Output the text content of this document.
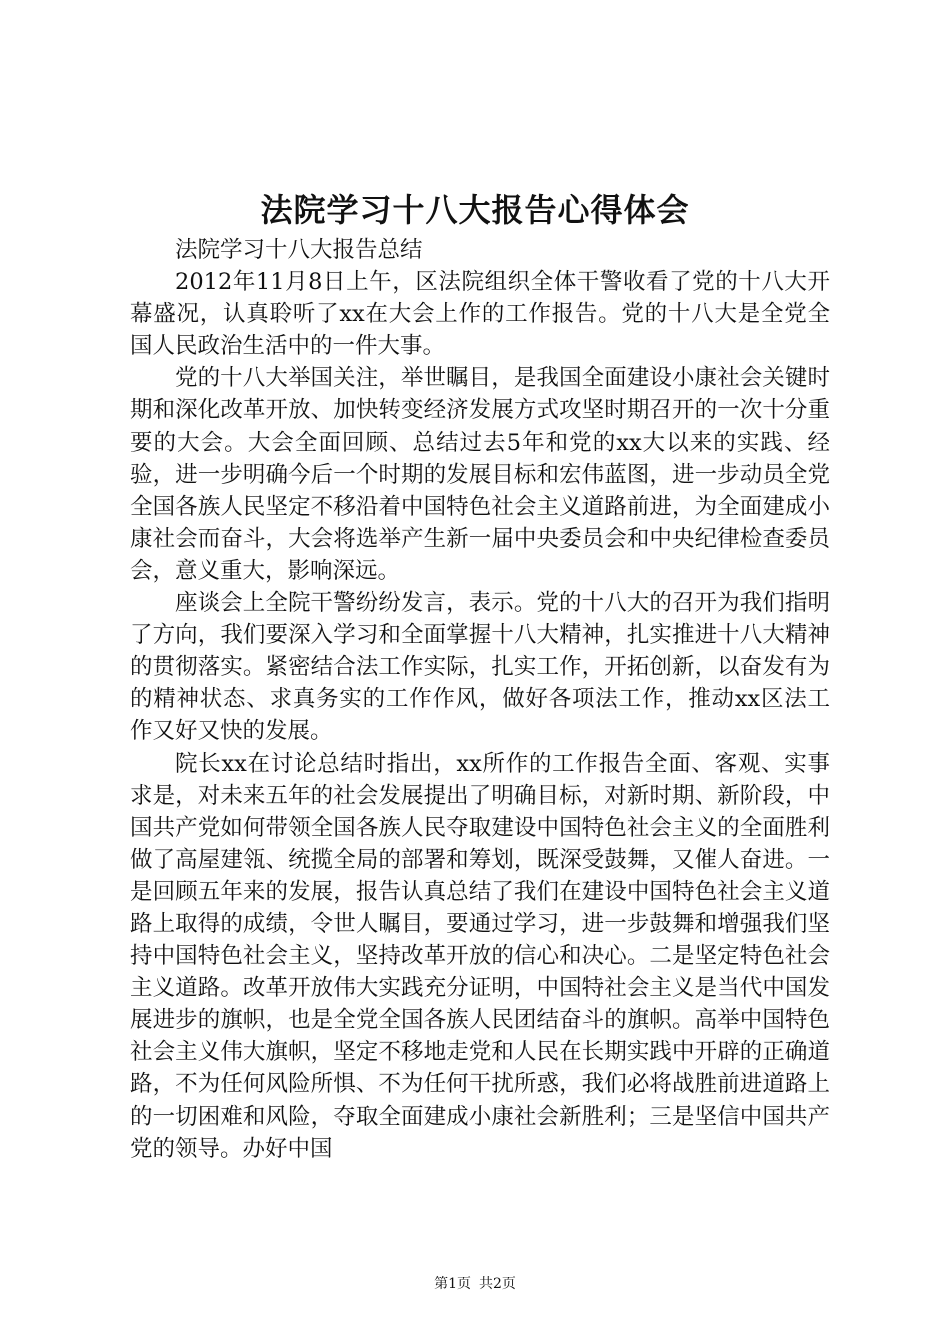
法院学习十八大报告心得体会

法院学习十八大报告总结

2012年11月8日上午，区法院组织全体干警收看了党的十八大开幕盛况，认真聆听了xx在大会上作的工作报告。党的十八大是全党全国人民政治生活中的一件大事。

党的十八大举国关注，举世瞩目，是我国全面建设小康社会关键时期和深化改革开放、加快转变经济发展方式攻坚时期召开的一次十分重要的大会。大会全面回顾、总结过去5年和党的xx大以来的实践、经验，进一步明确今后一个时期的发展目标和宏伟蓝图，进一步动员全党全国各族人民坚定不移沿着中国特色社会主义道路前进，为全面建成小康社会而奋斗，大会将选举产生新一届中央委员会和中央纪律检查委员会，意义重大，影响深远。

座谈会上全院干警纷纷发言，表示。党的十八大的召开为我们指明了方向，我们要深入学习和全面掌握十八大精神，扎实推进十八大精神的贯彻落实。紧密结合法工作实际，扎实工作，开拓创新，以奋发有为的精神状态、求真务实的工作作风，做好各项法工作，推动xx区法工作又好又快的发展。

院长xx在讨论总结时指出，xx所作的工作报告全面、客观、实事求是，对未来五年的社会发展提出了明确目标，对新时期、新阶段，中国共产党如何带领全国各族人民夺取建设中国特色社会主义的全面胜利做了高屋建瓴、统揽全局的部署和筹划，既深受鼓舞，又催人奋进。一是回顾五年来的发展，报告认真总结了我们在建设中国特色社会主义道路上取得的成绩，令世人瞩目，要通过学习，进一步鼓舞和增强我们坚持中国特色社会主义，坚持改革开放的信心和决心。二是坚定特色社会主义道路。改革开放伟大实践充分证明，中国特社会主义是当代中国发展进步的旗帜，也是全党全国各族人民团结奋斗的旗帜。高举中国特色社会主义伟大旗帜，坚定不移地走党和人民在长期实践中开辟的正确道路，不为任何风险所惧、不为任何干扰所惑，我们必将战胜前进道路上的一切困难和风险，夺取全面建成小康社会新胜利；三是坚信中国共产党的领导。办好中国

第1页 共2页
